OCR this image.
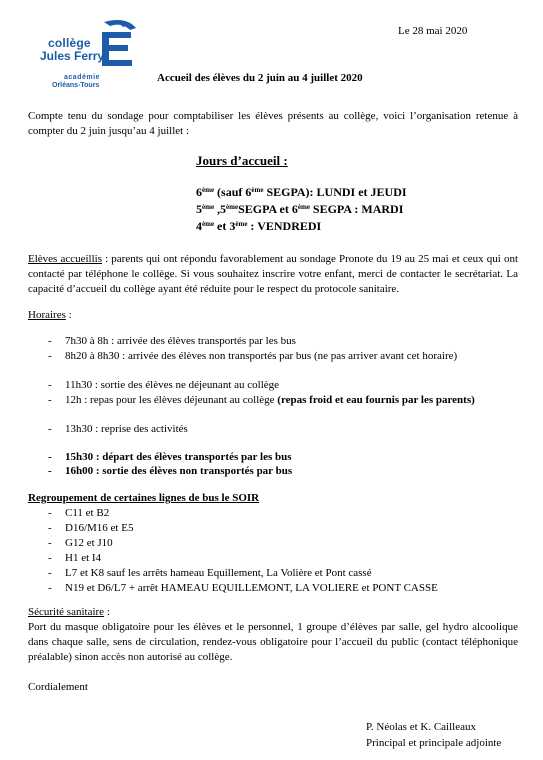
collège
Jules Ferry
académie
Orléans-Tours
Le 28 mai 2020
Accueil des élèves du 2 juin au 4 juillet 2020
Compte tenu du sondage pour comptabiliser les élèves présents au collège, voici l’organisation retenue à compter du 2 juin jusqu’au 4 juillet :
Jours d’accueil :
6ème (sauf 6ème SEGPA): LUNDI et JEUDI
5ème ,5èmeSEGPA et 6ème SEGPA : MARDI
4ème et 3ème : VENDREDI
Elèves accueillis : parents qui ont répondu favorablement au sondage Pronote du 19 au 25 mai et ceux qui ont contacté par téléphone le collège. Si vous souhaitez inscrire votre enfant, merci de contacter le secrétariat. La capacité d’accueil du collège ayant été réduite pour le respect du protocole sanitaire.
Horaires :
- 7h30 à 8h : arrivée des élèves transportés par les bus
- 8h20 à 8h30 : arrivée des élèves non transportés par bus (ne pas arriver avant cet horaire)
- 11h30 : sortie des élèves ne déjeunant au collège
- 12h : repas pour les élèves déjeunant au collège (repas froid et eau fournis par les parents)
- 13h30 : reprise des activités
- 15h30 : départ des élèves transportés par les bus
- 16h00 : sortie des élèves non transportés par bus
Regroupement de certaines lignes de bus le SOIR
- C11 et B2
- D16/M16 et E5
- G12 et J10
- H1 et I4
- L7 et K8 sauf les arrêts hameau Equillement, La Volière et Pont cassé
- N19 et D6/L7 + arrêt HAMEAU EQUILLEMONT, LA VOLIERE et PONT CASSE
Sécurité sanitaire :
Port du masque obligatoire pour les élèves et le personnel, 1 groupe d’élèves par salle, gel hydro alcoolique dans chaque salle, sens de circulation, rendez-vous obligatoire pour l’accueil du public (contact téléphonique préalable) sinon accès non autorisé au collège.
Cordialement
P. Néolas et K. Cailleaux
Principal et principale adjointe
